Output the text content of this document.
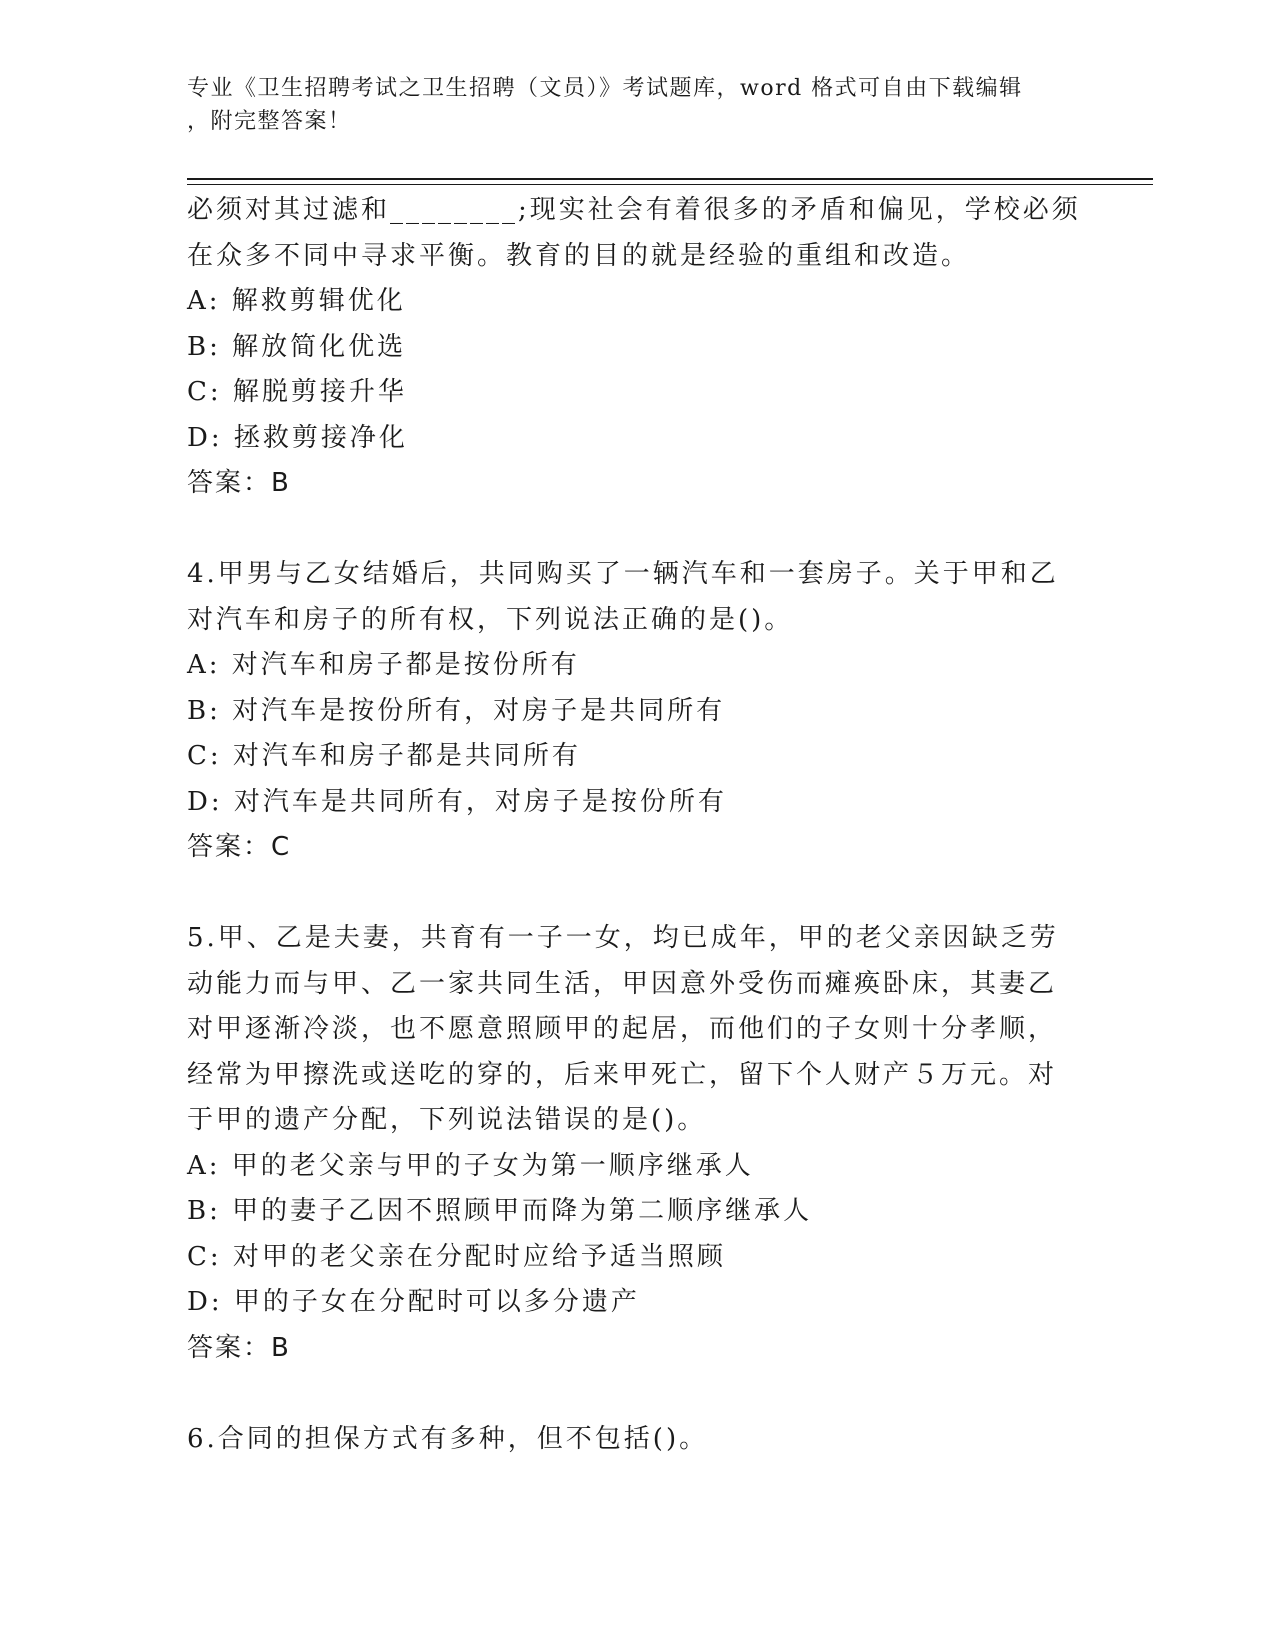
专业《卫生招聘考试之卫生招聘（文员）》考试题库，word 格式可自由下载编辑
，附完整答案！
必须对其过滤和________;现实社会有着很多的矛盾和偏见，学校必须
在众多不同中寻求平衡。教育的目的就是经验的重组和改造。
A: 解救剪辑优化
B: 解放简化优选
C: 解脱剪接升华
D: 拯救剪接净化
答案：B
4.甲男与乙女结婚后，共同购买了一辆汽车和一套房子。关于甲和乙
对汽车和房子的所有权，下列说法正确的是()。
A: 对汽车和房子都是按份所有
B: 对汽车是按份所有，对房子是共同所有
C: 对汽车和房子都是共同所有
D: 对汽车是共同所有，对房子是按份所有
答案：C
5.甲、乙是夫妻，共育有一子一女，均已成年，甲的老父亲因缺乏劳
动能力而与甲、乙一家共同生活，甲因意外受伤而瘫痪卧床，其妻乙
对甲逐渐冷淡，也不愿意照顾甲的起居，而他们的子女则十分孝顺，
经常为甲擦洗或送吃的穿的，后来甲死亡，留下个人财产５万元。对
于甲的遗产分配，下列说法错误的是()。
A: 甲的老父亲与甲的子女为第一顺序继承人
B: 甲的妻子乙因不照顾甲而降为第二顺序继承人
C: 对甲的老父亲在分配时应给予适当照顾
D: 甲的子女在分配时可以多分遗产
答案：B
6.合同的担保方式有多种，但不包括()。
